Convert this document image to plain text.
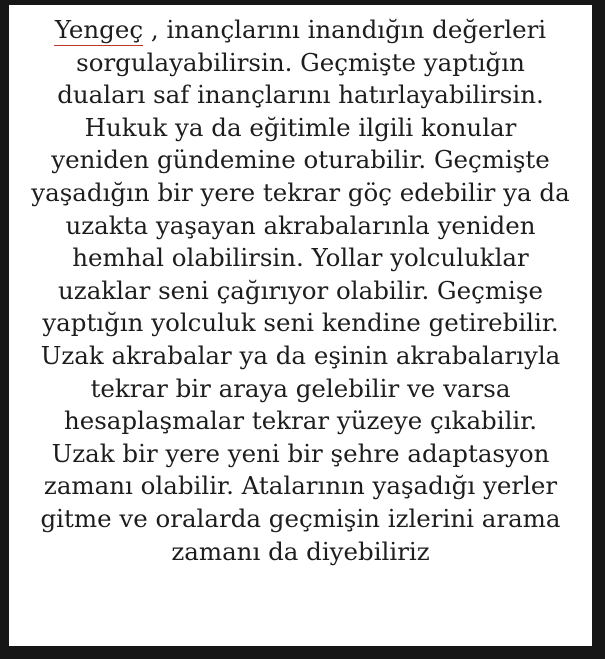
Yengeç
, inançlarını inandığın değerleri
sorgulayabilirsin. Geçmişte yaptığın
duaları saf inançlarını hatırlayabilirsin.
Hukuk ya da eğitimle ilgili konular
yeniden gündemine oturabilir. Geçmişte
yaşadığın bir yere tekrar göç edebilir ya da
uzakta yaşayan akrabalarınla yeniden
hemhal olabilirsin. Yollar yolculuklar
uzaklar seni çağırıyor olabilir. Geçmişe
yaptığın yolculuk seni kendine getirebilir.
Uzak akrabalar ya da eşinin akrabalarıyla
tekrar bir araya gelebilir ve varsa
hesaplaşmalar tekrar yüzeye çıkabilir.
Uzak bir yere yeni bir şehre adaptasyon
zamanı olabilir. Atalarının yaşadığı yerler
gitme ve oralarda geçmişin izlerini arama
zamanı da diyebiliriz
